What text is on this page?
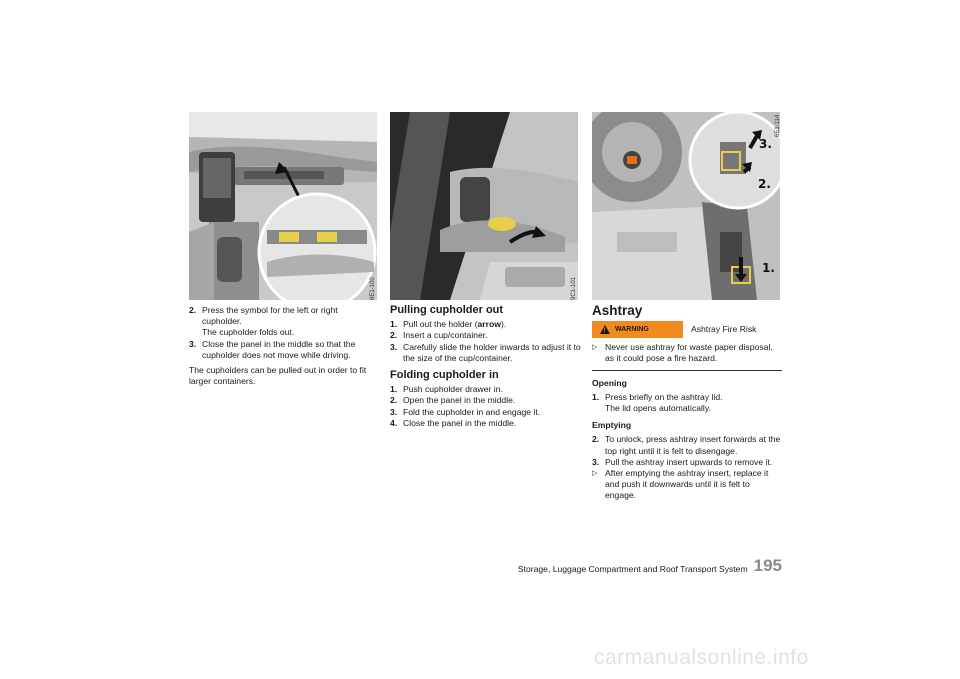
6E1-100	9C1-101
3.
2.
1.
6E1-114
2. Press the symbol for the left or right cupholder.
The cupholder folds out.
3. Close the panel in the middle so that the cupholder does not move while driving.

The cupholders can be pulled out in order to fit larger containers.

Pulling cupholder out
1. Pull out the holder (arrow).
2. Insert a cup/container.
3. Carefully slide the holder inwards to adjust it to the size of the cup/container.
Folding cupholder in
1. Push cupholder drawer in.
2. Open the panel in the middle.
3. Fold the cupholder in and engage it.
4. Close the panel in the middle.
Ashtray
!
WARNING	Ashtray Fire Risk
▷ Never use ashtray for waste paper disposal, as it could pose a fire hazard.
Opening
1. Press briefly on the ashtray lid.
The lid opens automatically.
Emptying
2. To unlock, press ashtray insert forwards at the top right until it is felt to disengage.
3. Pull the ashtray insert upwards to remove it.
▷ After emptying the ashtray insert, replace it and push it downwards until it is felt to engage.
Storage, Luggage Compartment and Roof Transport System 195
carmanualsonline.info
